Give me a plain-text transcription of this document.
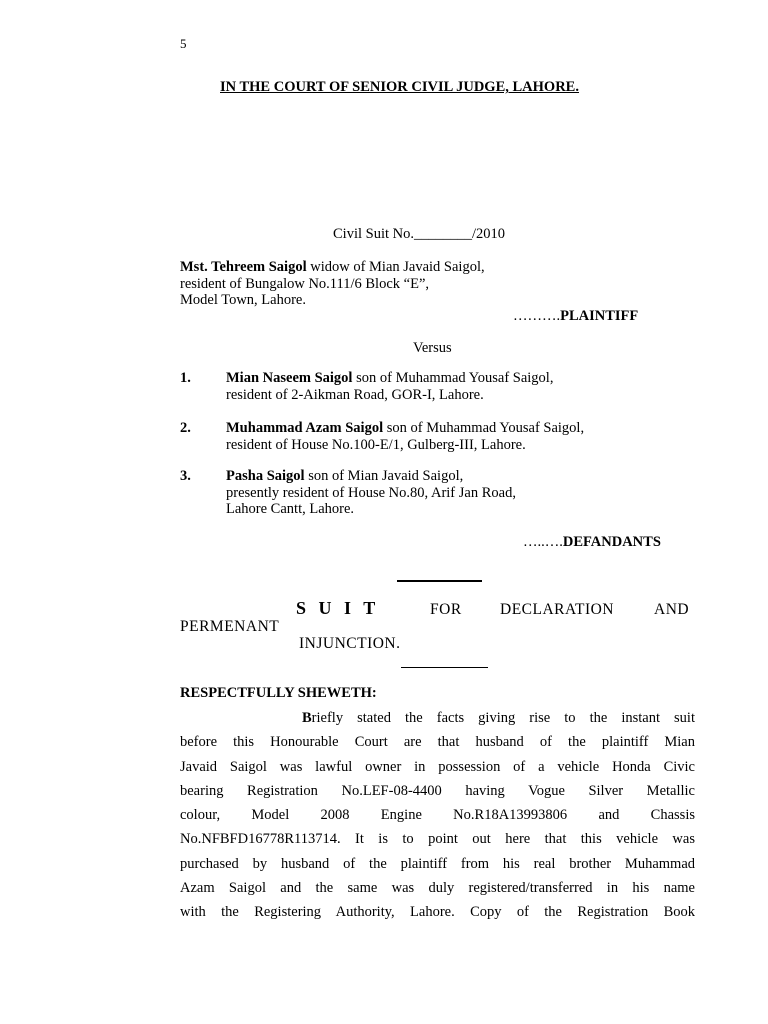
5
IN THE COURT OF SENIOR CIVIL JUDGE, LAHORE.
Civil Suit No.________/2010
Mst. Tehreem Saigol widow of Mian Javaid Saigol,
resident of Bungalow No.111/6 Block “E”,
Model Town, Lahore.
……….PLAINTIFF
Versus
1. Mian Naseem Saigol son of Muhammad Yousaf Saigol,
resident of 2-Aikman Road, GOR-I, Lahore.
2. Muhammad Azam Saigol son of Muhammad Yousaf Saigol,
resident of House No.100-E/1, Gulberg-III, Lahore.
3. Pasha Saigol son of Mian Javaid Saigol,
presently resident of House No.80, Arif Jan Road,
Lahore Cantt, Lahore.
…..….DEFANDANTS
S U I T	FOR DECLARATION	AND
PERMENANT
INJUNCTION.
RESPECTFULLY SHEWETH:
Briefly stated the facts giving rise to the instant suit
before this Honourable Court are that husband of the plaintiff Mian
Javaid Saigol was lawful owner in possession of a vehicle Honda Civic
bearing Registration No.LEF-08-4400 having Vogue Silver Metallic
colour, Model 2008 Engine No.R18A13993806 and Chassis
No.NFBFD16778R113714. It is to point out here that this vehicle was
purchased by husband of the plaintiff from his real brother Muhammad
Azam Saigol and the same was duly registered/transferred in his name
with the Registering Authority, Lahore. Copy of the Registration Book
